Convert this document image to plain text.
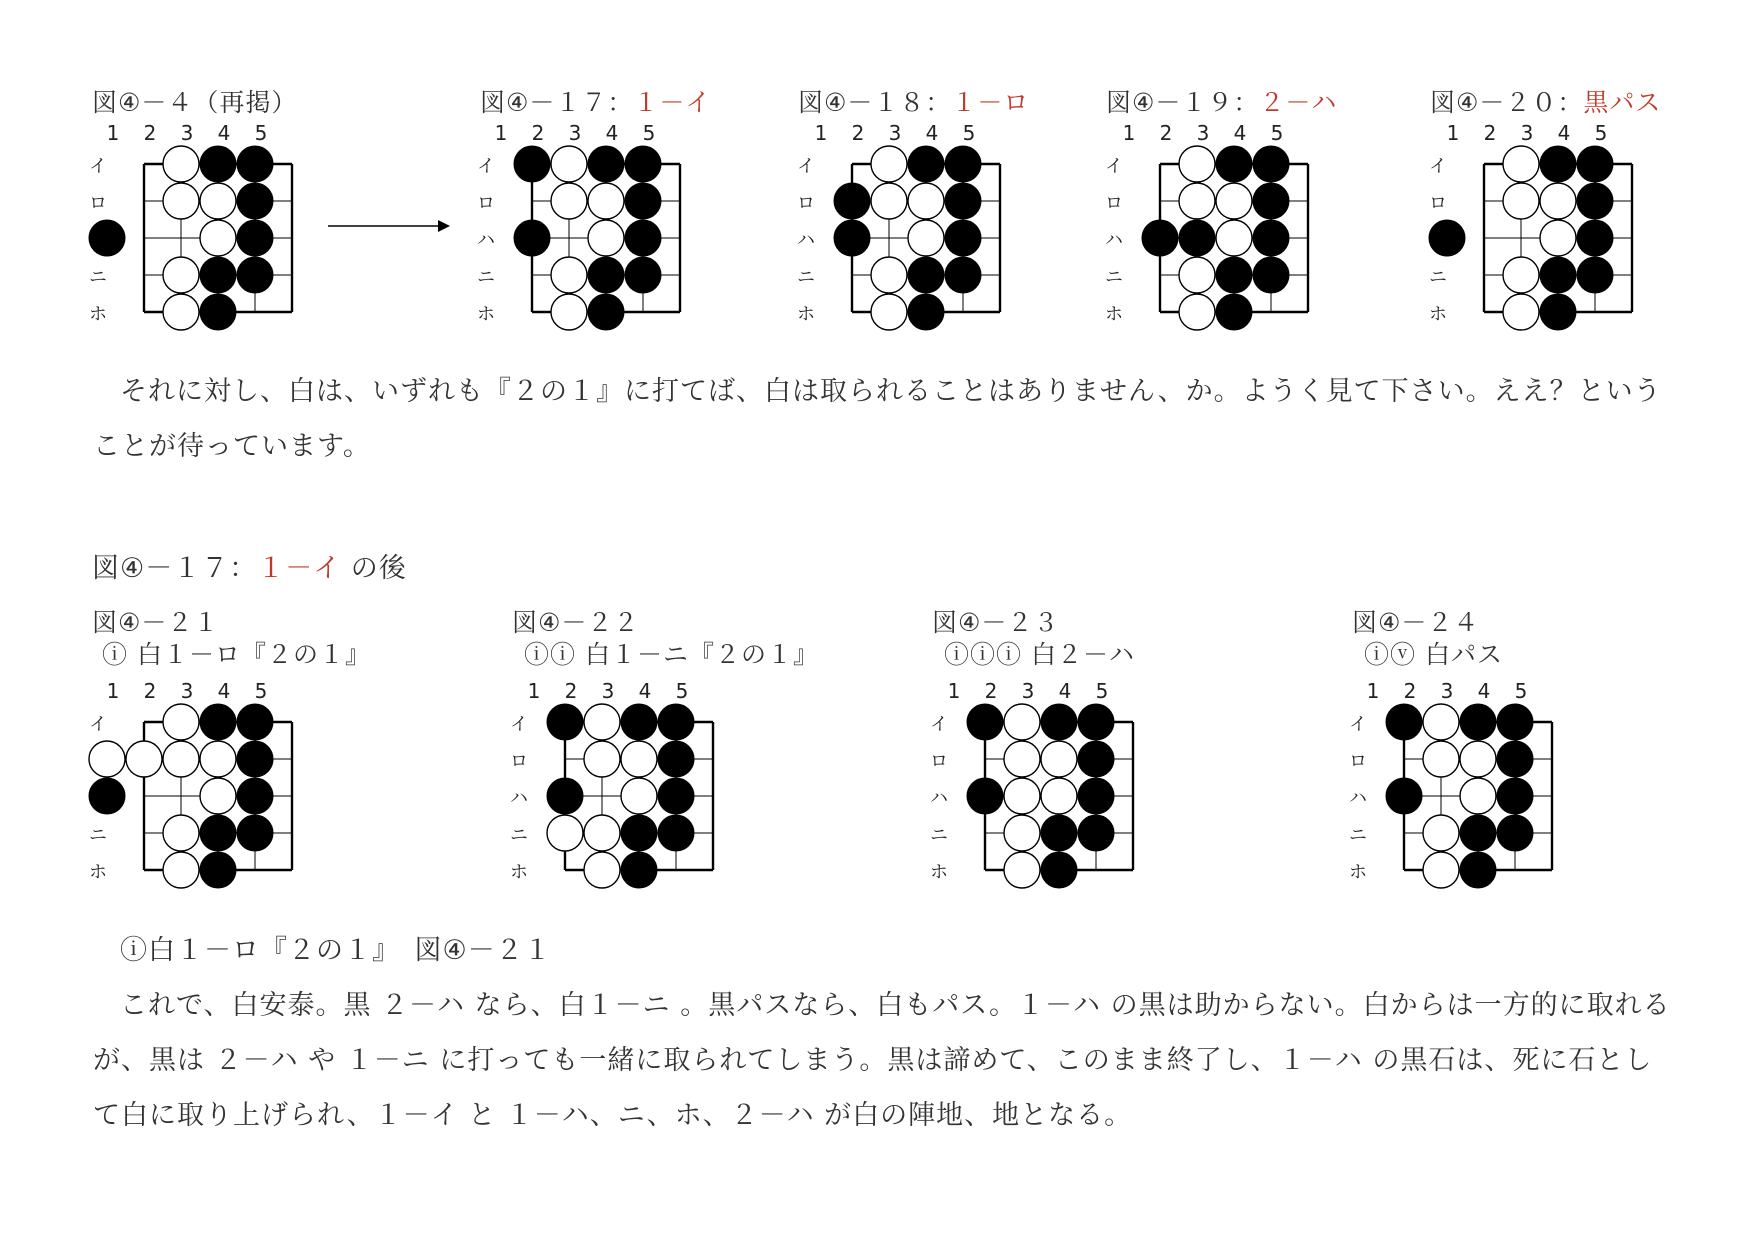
図④－４（再掲）	図④－１７：１－イ	図④－１８：１－ロ	図④－１９：２－ハ	図④－２０：黒パス
1 2 3 4 5
イ
ロ
ニ
ホ
1 2 3 4 5
イ
ロ
ハ
ニ
ホ
1 2 3 4 5
イ
ロ
ハ
ニ
ホ
1 2 3 4 5
イ
ロ
ハ
ニ
ホ
1 2 3 4 5
イ
ロ
ニ
ホ

それに対し、白は、いずれも『２の１』に打てば、白は取られることはありません、か。ようく見て下さい。ええ？ということが待っています。

図④－１７：１－イ の後
図④－２１
ⓘ 白１－ロ『２の１』
図④－２２
ⓘⓘ 白１－ニ『２の１』
図④－２３
ⓘⓘⓘ 白２－ハ
図④－２４
ⓘⓥ 白パス
1 2 3 4 5
イ
ニ
ホ
1 2 3 4 5
イ
ロ
ハ
ニ
ホ
1 2 3 4 5
イ
ロ
ハ
ニ
ホ
1 2 3 4 5
イ
ロ
ハ
ニ
ホ
ⓘ白１－ロ『２の１』　図④－２１

これで、白安泰。黒 ２－ハ なら、白１－ニ 。黒パスなら、白もパス。１－ハ の黒は助からない。白からは一方的に取れるが、黒は ２－ハ や １－ニ に打っても一緒に取られてしまう。黒は諦めて、このまま終了し、１－ハ の黒石は、死に石として白に取り上げられ、１－イ と １－ハ、ニ、ホ、２－ハ が白の陣地、地となる。
